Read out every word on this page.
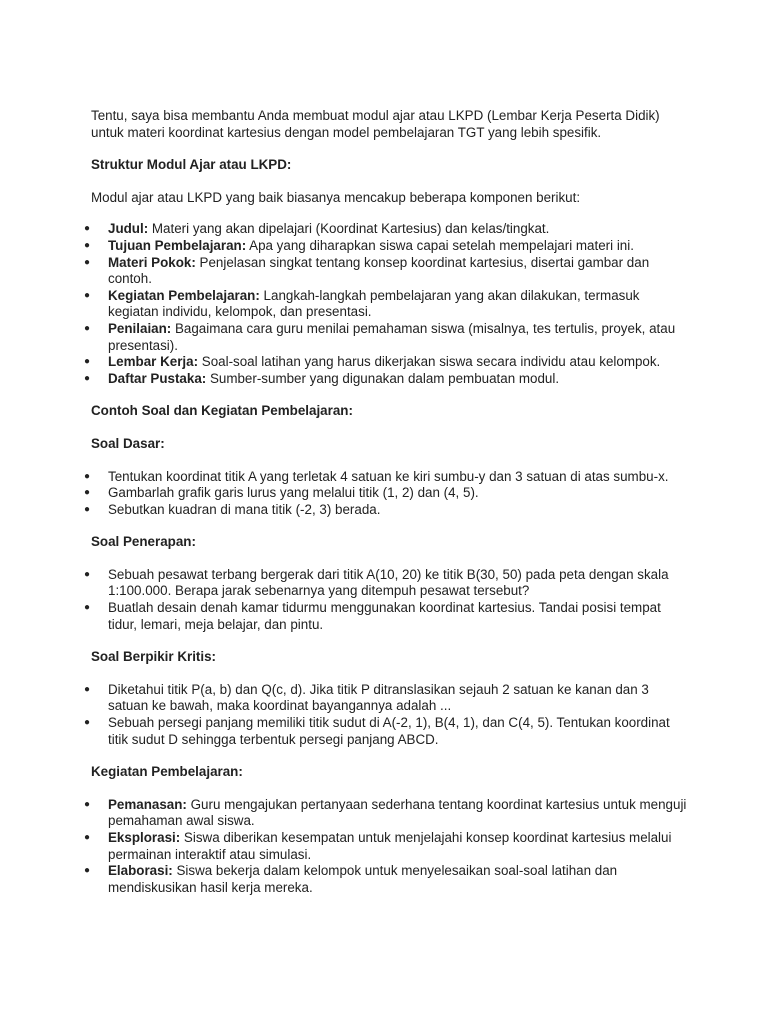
Tentu, saya bisa membantu Anda membuat modul ajar atau LKPD (Lembar Kerja Peserta Didik) untuk materi koordinat kartesius dengan model pembelajaran TGT yang lebih spesifik.

Struktur Modul Ajar atau LKPD:

Modul ajar atau LKPD yang baik biasanya mencakup beberapa komponen berikut:

● Judul: Materi yang akan dipelajari (Koordinat Kartesius) dan kelas/tingkat.
● Tujuan Pembelajaran: Apa yang diharapkan siswa capai setelah mempelajari materi ini.
● Materi Pokok: Penjelasan singkat tentang konsep koordinat kartesius, disertai gambar dan contoh.
● Kegiatan Pembelajaran: Langkah-langkah pembelajaran yang akan dilakukan, termasuk kegiatan individu, kelompok, dan presentasi.
● Penilaian: Bagaimana cara guru menilai pemahaman siswa (misalnya, tes tertulis, proyek, atau presentasi).
● Lembar Kerja: Soal-soal latihan yang harus dikerjakan siswa secara individu atau kelompok.
● Daftar Pustaka: Sumber-sumber yang digunakan dalam pembuatan modul.

Contoh Soal dan Kegiatan Pembelajaran:

Soal Dasar:

● Tentukan koordinat titik A yang terletak 4 satuan ke kiri sumbu-y dan 3 satuan di atas sumbu-x.
● Gambarlah grafik garis lurus yang melalui titik (1, 2) dan (4, 5).
● Sebutkan kuadran di mana titik (-2, 3) berada.

Soal Penerapan:

● Sebuah pesawat terbang bergerak dari titik A(10, 20) ke titik B(30, 50) pada peta dengan skala 1:100.000. Berapa jarak sebenarnya yang ditempuh pesawat tersebut?
● Buatlah desain denah kamar tidurmu menggunakan koordinat kartesius. Tandai posisi tempat tidur, lemari, meja belajar, dan pintu.

Soal Berpikir Kritis:

● Diketahui titik P(a, b) dan Q(c, d). Jika titik P ditranslasikan sejauh 2 satuan ke kanan dan 3 satuan ke bawah, maka koordinat bayangannya adalah ...
● Sebuah persegi panjang memiliki titik sudut di A(-2, 1), B(4, 1), dan C(4, 5). Tentukan koordinat titik sudut D sehingga terbentuk persegi panjang ABCD.

Kegiatan Pembelajaran:

● Pemanasan: Guru mengajukan pertanyaan sederhana tentang koordinat kartesius untuk menguji pemahaman awal siswa.
● Eksplorasi: Siswa diberikan kesempatan untuk menjelajahi konsep koordinat kartesius melalui permainan interaktif atau simulasi.
● Elaborasi: Siswa bekerja dalam kelompok untuk menyelesaikan soal-soal latihan dan mendiskusikan hasil kerja mereka.
